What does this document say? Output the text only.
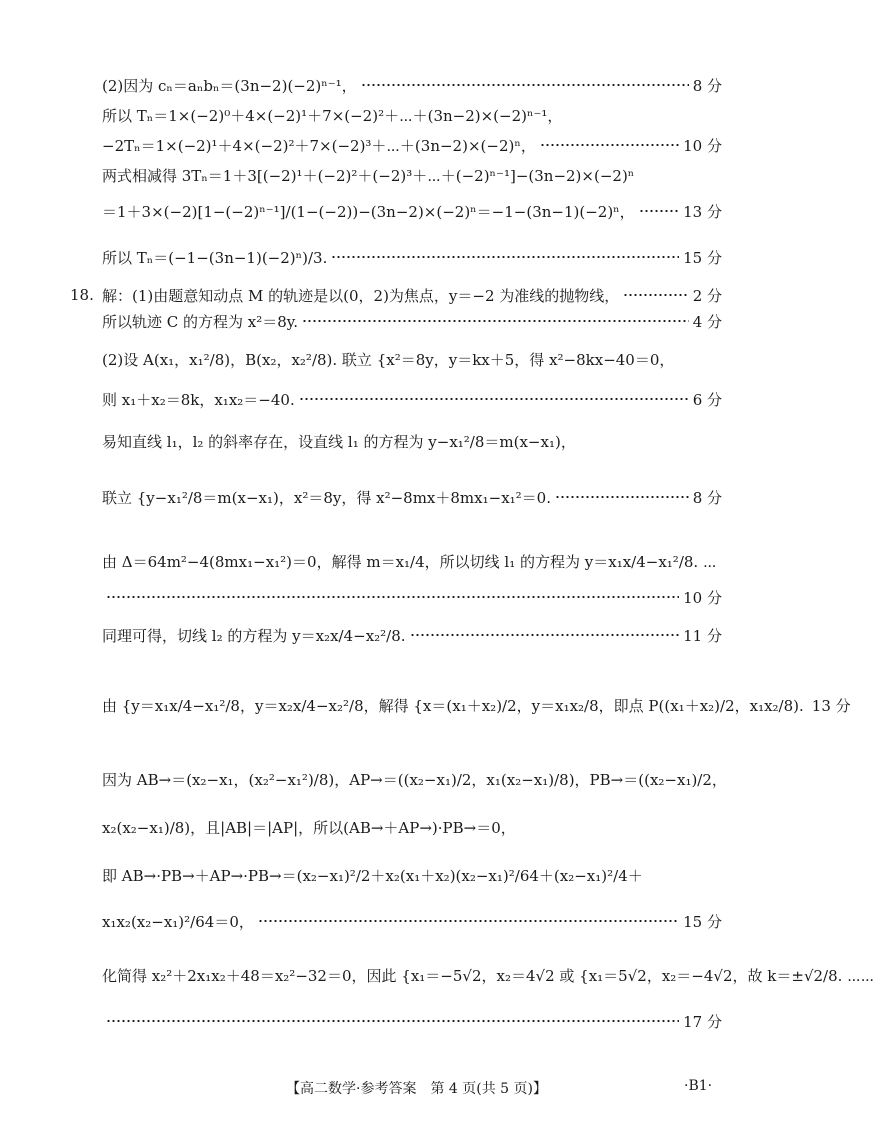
(2)因为 cₙ＝aₙbₙ＝(3n−2)(−2)ⁿ⁻¹，	8 分
所以 Tₙ＝1×(−2)⁰＋4×(−2)¹＋7×(−2)²＋⋯＋(3n−2)×(−2)ⁿ⁻¹，
−2Tₙ＝1×(−2)¹＋4×(−2)²＋7×(−2)³＋⋯＋(3n−2)×(−2)ⁿ，	10 分
两式相减得 3Tₙ＝1＋3[(−2)¹＋(−2)²＋(−2)³＋⋯＋(−2)ⁿ⁻¹]−(3n−2)×(−2)ⁿ
＝1＋3×(−2)[1−(−2)ⁿ⁻¹]/(1−(−2))−(3n−2)×(−2)ⁿ＝−1−(3n−1)(−2)ⁿ，	13 分
所以 Tₙ＝(−1−(3n−1)(−2)ⁿ)/3.	15 分
18. 解：(1)由题意知动点 M 的轨迹是以(0，2)为焦点，y＝−2 为准线的抛物线，	2 分
所以轨迹 C 的方程为 x²＝8y.	4 分
(2)设 A(x₁，x₁²/8)，B(x₂，x₂²/8). 联立 {x²＝8y，y＝kx＋5，得 x²−8kx−40＝0，
则 x₁＋x₂＝8k，x₁x₂＝−40.	6 分
易知直线 l₁，l₂ 的斜率存在，设直线 l₁ 的方程为 y−x₁²/8＝m(x−x₁)，
联立 {y−x₁²/8＝m(x−x₁)，x²＝8y，得 x²−8mx＋8mx₁−x₁²＝0.	8 分
由 Δ＝64m²−4(8mx₁−x₁²)＝0，解得 m＝x₁/4，所以切线 l₁ 的方程为 y＝x₁x/4−x₁²/8. ⋯
10 分
同理可得，切线 l₂ 的方程为 y＝x₂x/4−x₂²/8.	11 分
由 {y＝x₁x/4−x₁²/8，y＝x₂x/4−x₂²/8，解得 {x＝(x₁＋x₂)/2，y＝x₁x₂/8，即点 P((x₁＋x₂)/2，x₁x₂/8). 13 分
因为 AB→＝(x₂−x₁，(x₂²−x₁²)/8)，AP→＝((x₂−x₁)/2，x₁(x₂−x₁)/8)，PB→＝((x₂−x₁)/2，
x₂(x₂−x₁)/8)，且|AB|＝|AP|，所以(AB→＋AP→)·PB→＝0，
即 AB→·PB→＋AP→·PB→＝(x₂−x₁)²/2＋x₂(x₁＋x₂)(x₂−x₁)²/64＋(x₂−x₁)²/4＋
x₁x₂(x₂−x₁)²/64＝0，	15 分
化简得 x₂²＋2x₁x₂＋48＝x₂²−32＝0，因此 {x₁＝−5√2，x₂＝4√2 或 {x₁＝5√2，x₂＝−4√2，故 k＝±√2/8. ⋯⋯
17 分
【高二数学·参考答案　第 4 页(共 5 页)】	·B1·
